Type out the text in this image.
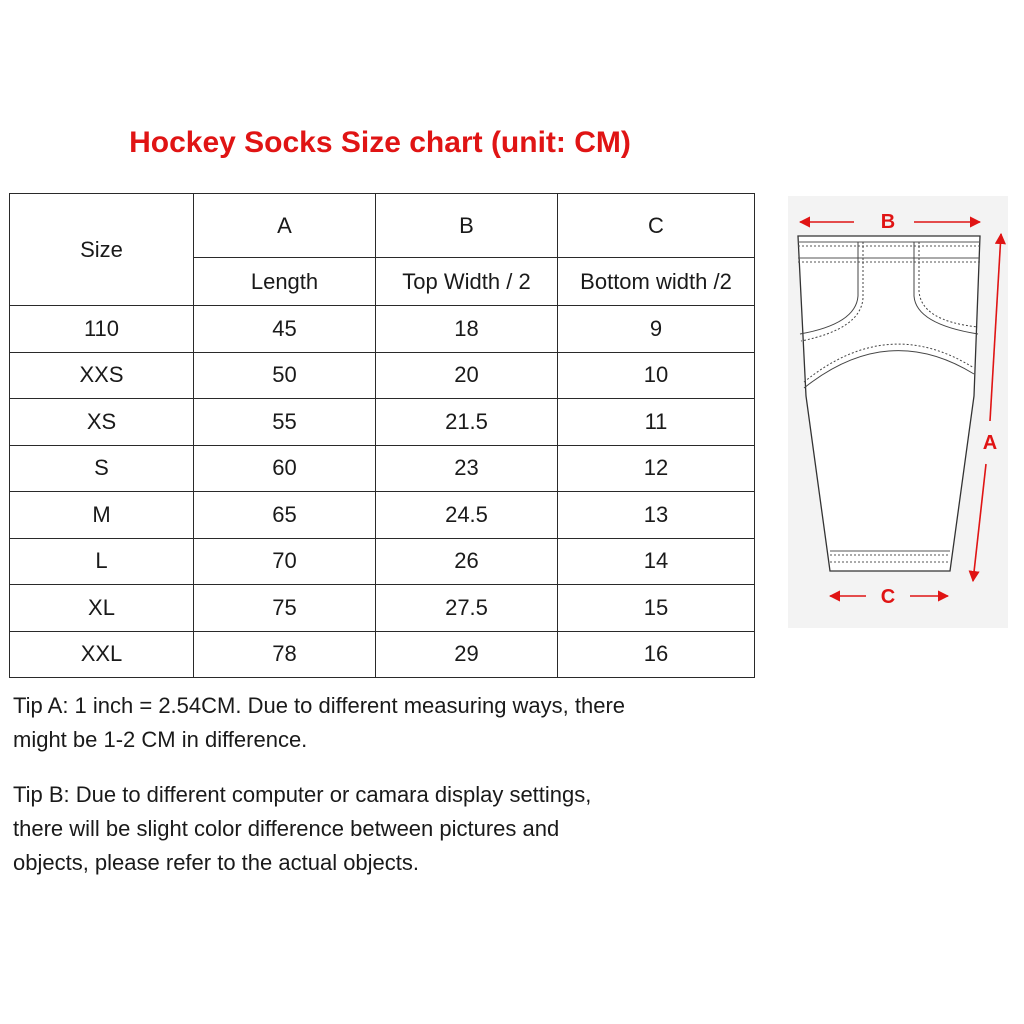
Hockey Socks Size chart (unit: CM)
Size	A	B	C
	Length	Top Width / 2	Bottom width /2
110	45	18	9
XXS	50	20	10
XS	55	21.5	11
S	60	23	12
M	65	24.5	13
L	70	26	14
XL	75	27.5	15
XXL	78	29	16
Tip A: 1 inch = 2.54CM. Due to different measuring ways, there
might be 1-2 CM in difference.
Tip B: Due to different computer or camara display settings,
there will be slight color difference between pictures and
objects, please refer to the actual objects.
B
A
C
